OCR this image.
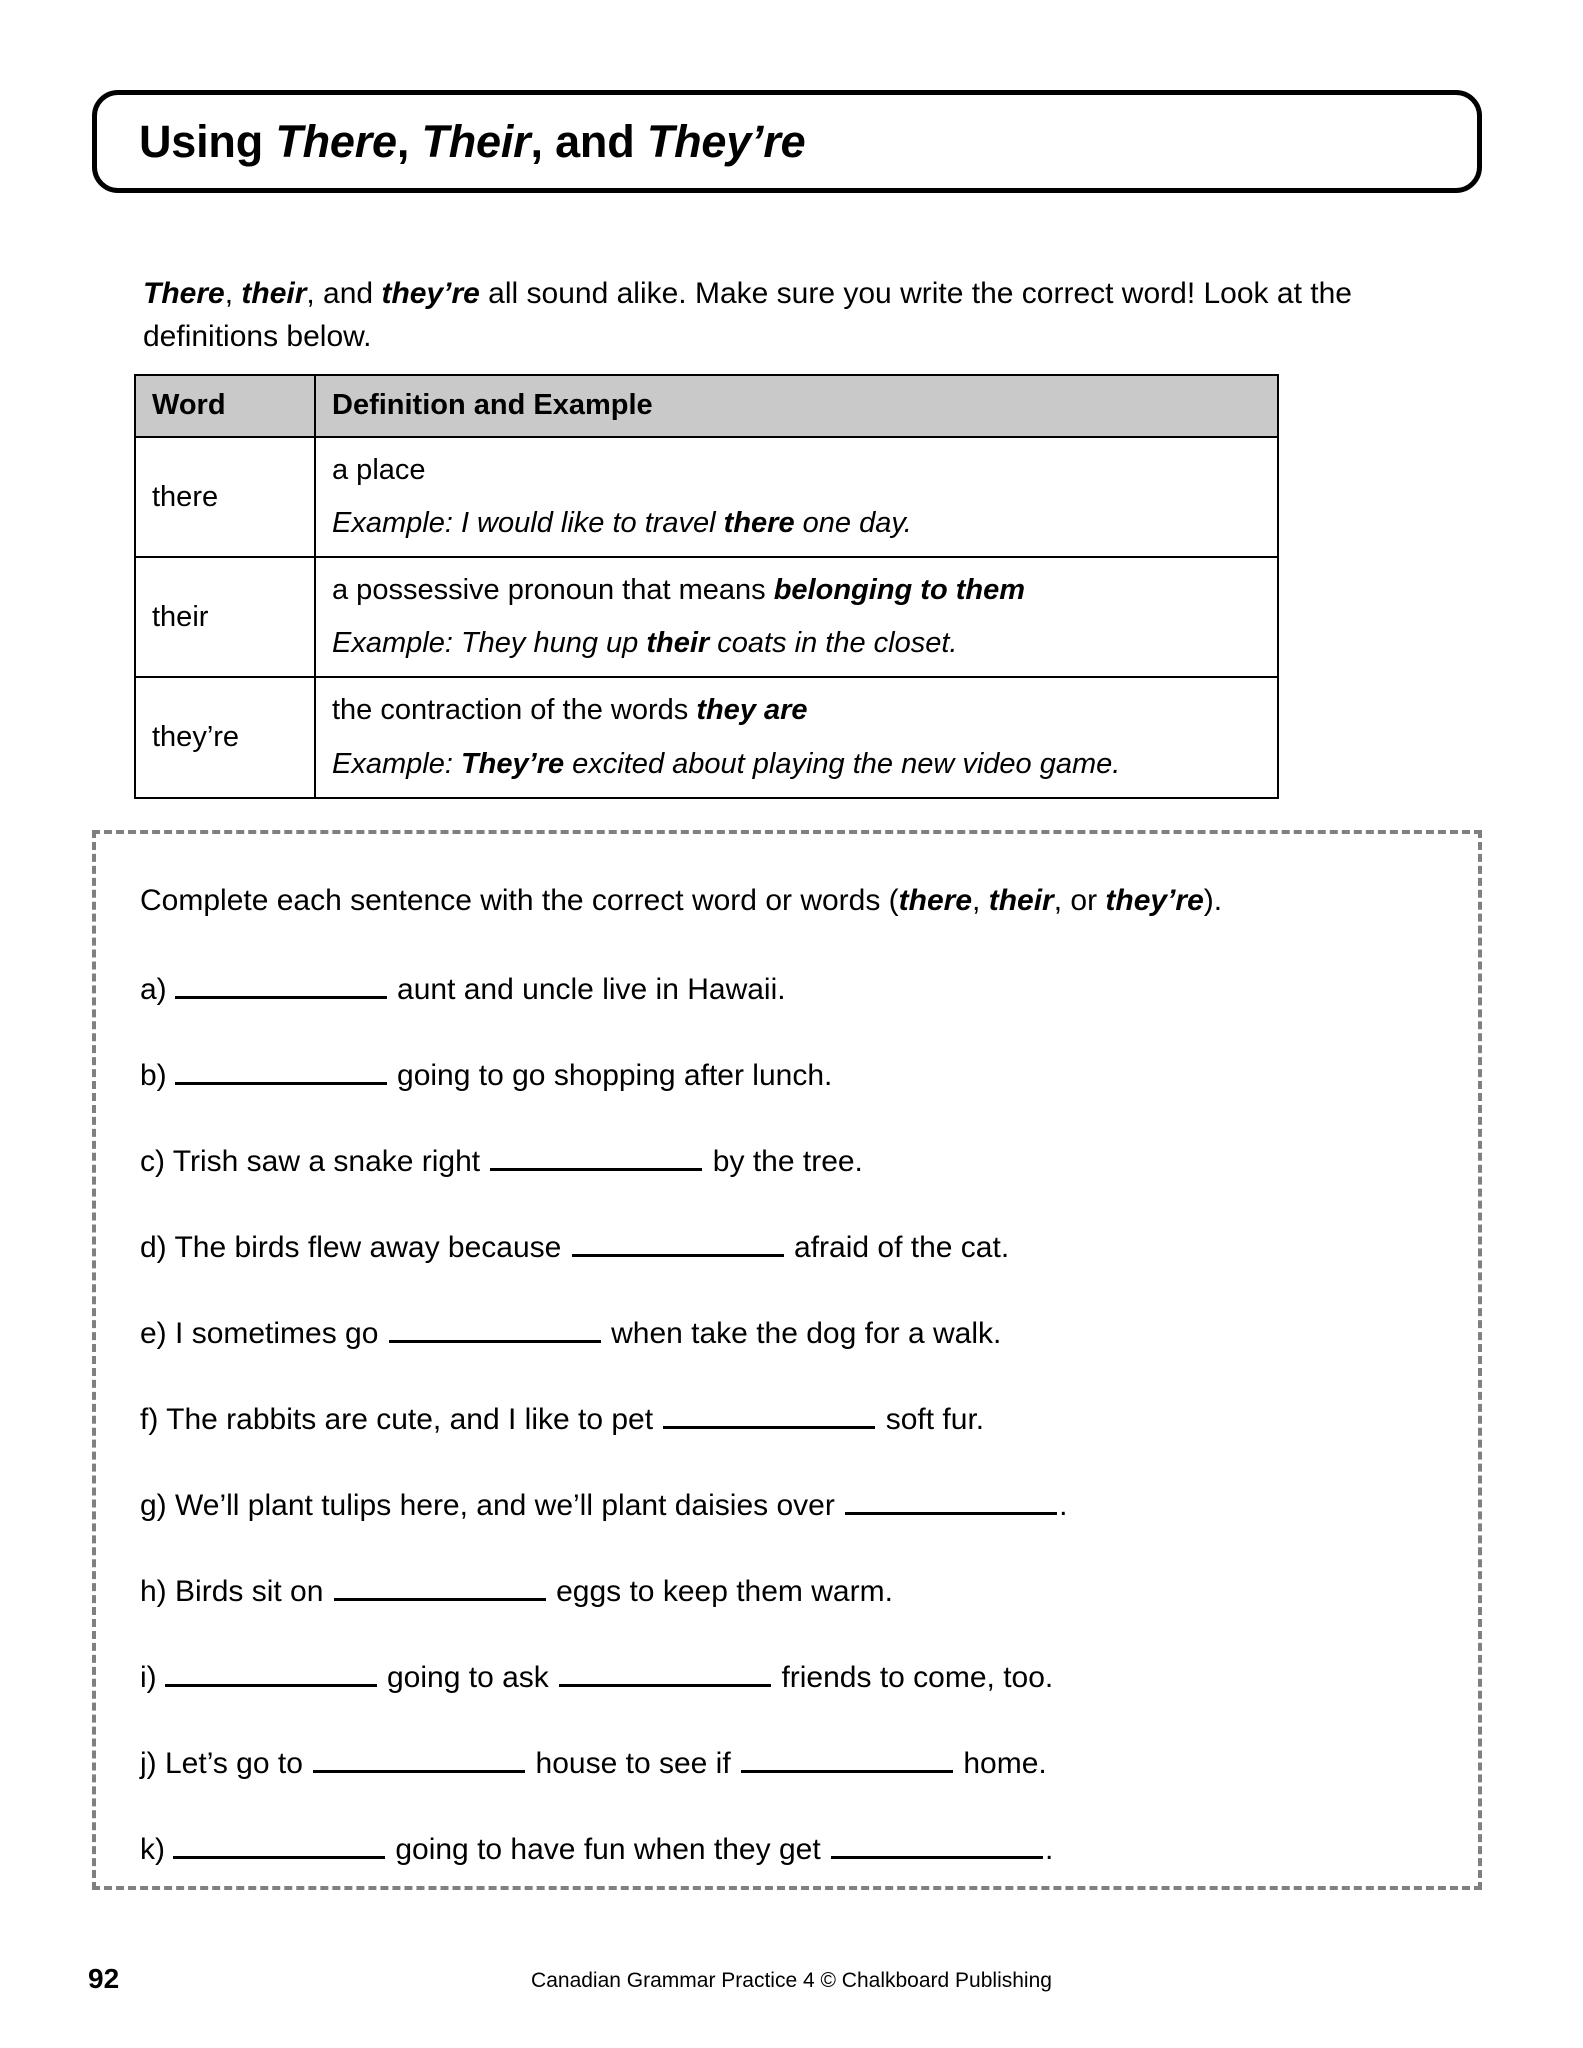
Using There, Their, and They’re

There, their, and they’re all sound alike. Make sure you write the correct word! Look at the definitions below.

Word	Definition and Example
there	a place
Example: I would like to travel there one day.

their	a possessive pronoun that means belonging to them
Example: They hung up their coats in the closet.

they’re	the contraction of the words they are
Example: They’re excited about playing the new video game.
Complete each sentence with the correct word or words (there, their, or they’re).
a)	aunt and uncle live in Hawaii.
b)	going to go shopping after lunch.
c) Trish saw a snake right	by the tree.
d) The birds flew away because	afraid of the cat.
e) I sometimes go	when take the dog for a walk.
f) The rabbits are cute, and I like to pet	soft fur.
g) We’ll plant tulips here, and we’ll plant daisies over	.
h) Birds sit on	eggs to keep them warm.
i)	going to ask	friends to come, too.
j) Let’s go to	house to see if	home.
k)	going to have fun when they get	.
92	Canadian Grammar Practice 4 © Chalkboard Publishing
